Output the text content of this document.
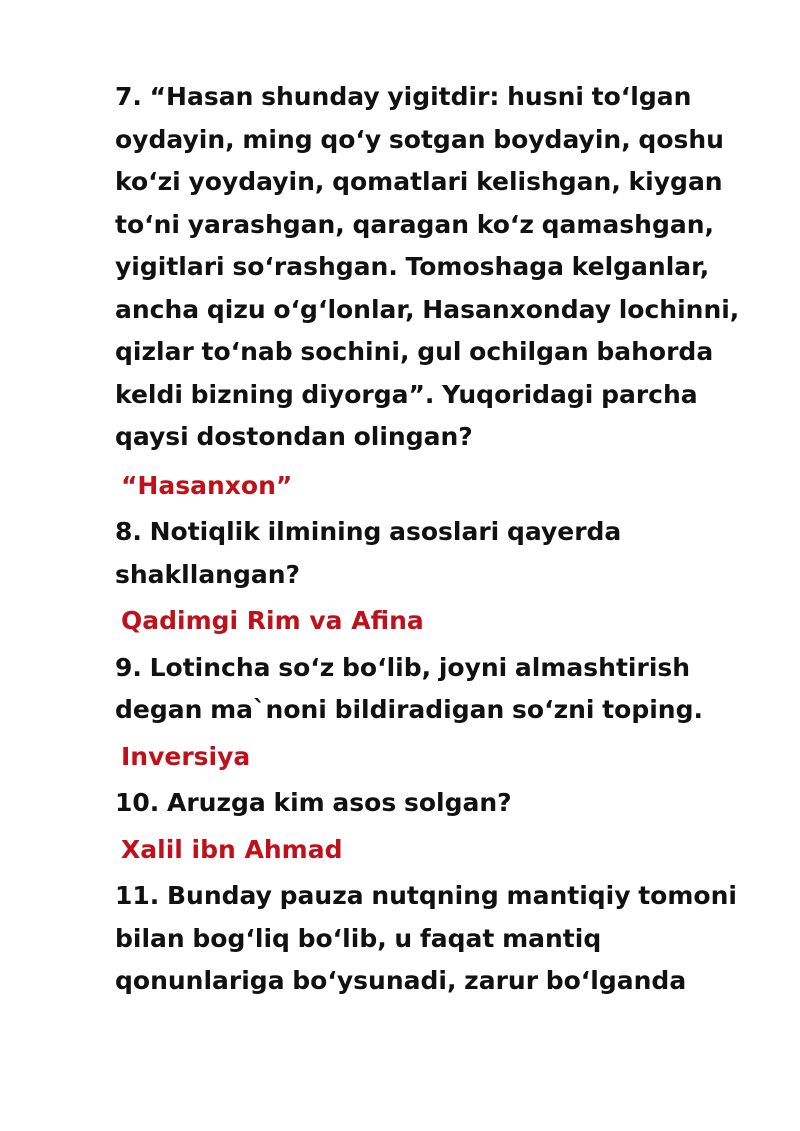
7. “Hasan shunday yigitdir: husni to‘lgan oydayin, ming qo‘y sotgan boydayin, qoshu ko‘zi yoydayin, qomatlari kelishgan, kiygan to‘ni yarashgan, qaragan ko‘z qamashgan, yigitlari so‘rashgan. Tomoshaga kelganlar, ancha qizu o‘g‘lonlar, Hasanxonday lochinni, qizlar to‘nab sochini, gul ochilgan bahorda keldi bizning diyorga”. Yuqoridagi parcha qaysi dostondan olingan?

“Hasanxon”

8. Notiqlik ilmining asoslari qayerda shakllangan?

Qadimgi Rim va Afina

9. Lotincha so‘z bo‘lib, joyni almashtirish degan ma`noni bildiradigan so‘zni toping.

Inversiya

10. Aruzga kim asos solgan?

Xalil ibn Ahmad

11. Bunday pauza nutqning mantiqiy tomoni bilan bog‘liq bo‘lib, u faqat mantiq qonunlariga bo‘ysunadi, zarur bo‘lganda
